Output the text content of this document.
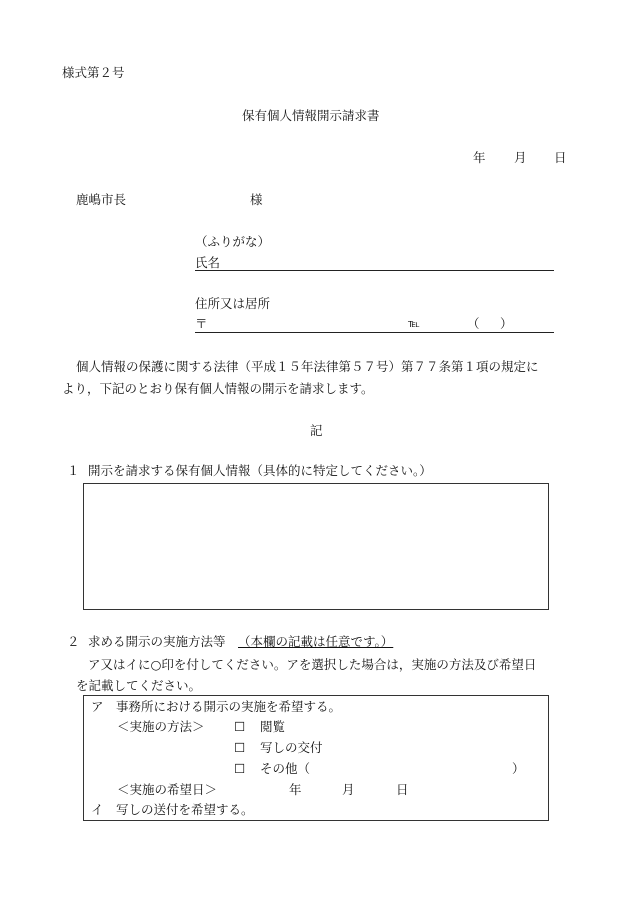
様式第２号
保有個人情報開示請求書
年 月 日
鹿嶋市長	様
（ふりがな）
氏名
住所又は居所
〒	℡	（ ）
個人情報の保護に関する法律（平成１５年法律第５７号）第７７条第１項の規定に
より，下記のとおり保有個人情報の開示を請求します。
記
１ 開示を請求する保有個人情報（具体的に特定してください。）
２ 求める開示の実施方法等 （本欄の記載は任意です。）
ア又はイに○印を付してください。アを選択した場合は，実施の方法及び希望日
を記載してください。
ア　事務所における開示の実施を希望する。
＜実施の方法＞ ☐ 閲覧
☐ 写しの交付
☐ その他（	）
＜実施の希望日＞	年	月	日
イ　写しの送付を希望する。
